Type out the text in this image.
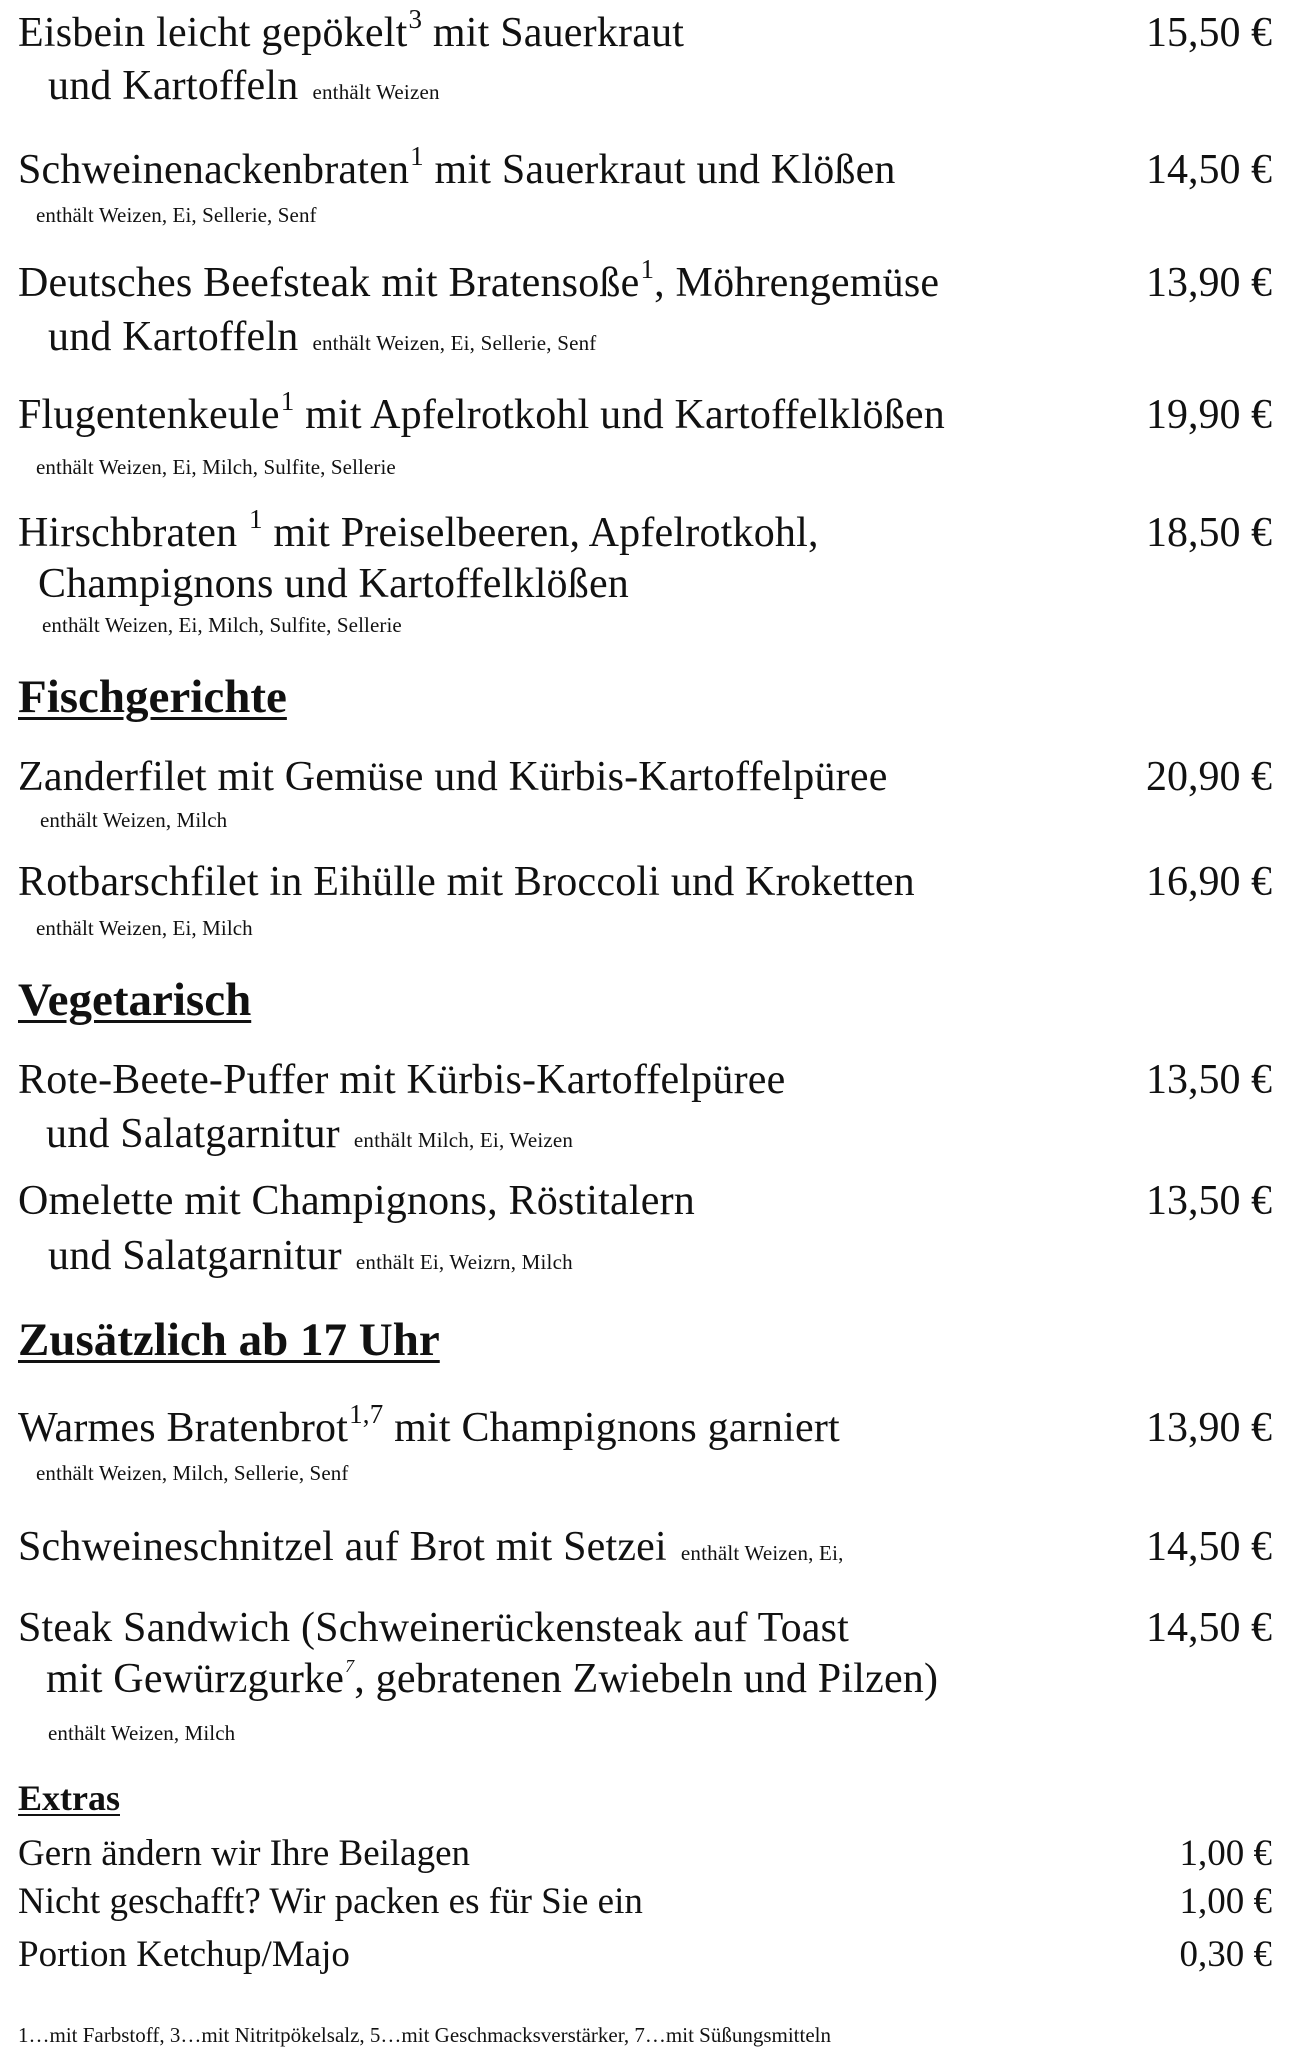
Eisbein leicht gepökelt$^3$ mit Sauerkraut	15,50 €
und Kartoffeln enthält Weizen
Schweinenackenbraten$^1$ mit Sauerkraut und Klößen	14,50 €
enthält Weizen, Ei, Sellerie, Senf
Deutsches Beefsteak mit Bratensoße$^1$, Möhrengemüse	13,90 €
und Kartoffeln enthält Weizen, Ei, Sellerie, Senf
Flugentenkeule$^1$ mit Apfelrotkohl und Kartoffelklößen	19,90 €
enthält Weizen, Ei, Milch, Sulfite, Sellerie
Hirschbraten $^1$ mit Preiselbeeren, Apfelrotkohl,	18,50 €
Champignons und Kartoffelklößen
enthält Weizen, Ei, Milch, Sulfite, Sellerie
Fischgerichte
Zanderfilet mit Gemüse und Kürbis-Kartoffelpüree	20,90 €
enthält Weizen, Milch
Rotbarschfilet in Eihülle mit Broccoli und Kroketten	16,90 €
enthält Weizen, Ei, Milch
Vegetarisch
Rote-Beete-Puffer mit Kürbis-Kartoffelpüree	13,50 €
und Salatgarnitur enthält Milch, Ei, Weizen
Omelette mit Champignons, Röstitalern	13,50 €
und Salatgarnitur enthält Ei, Weizrn, Milch
Zusätzlich ab 17 Uhr
Warmes Bratenbrot$^{1,7}$ mit Champignons garniert	13,90 €
enthält Weizen, Milch, Sellerie, Senf
Schweineschnitzel auf Brot mit Setzei enthält Weizen, Ei,	14,50 €
Steak Sandwich (Schweinerückensteak auf Toast	14,50 €
mit Gewürzgurke$^7$, gebratenen Zwiebeln und Pilzen)
enthält Weizen, Milch
Extras
Gern ändern wir Ihre Beilagen	1,00 €
Nicht geschafft? Wir packen es für Sie ein	1,00 €
Portion Ketchup/Majo	0,30 €
1…mit Farbstoff, 3…mit Nitritpökelsalz, 5…mit Geschmacksverstärker, 7…mit Süßungsmitteln
